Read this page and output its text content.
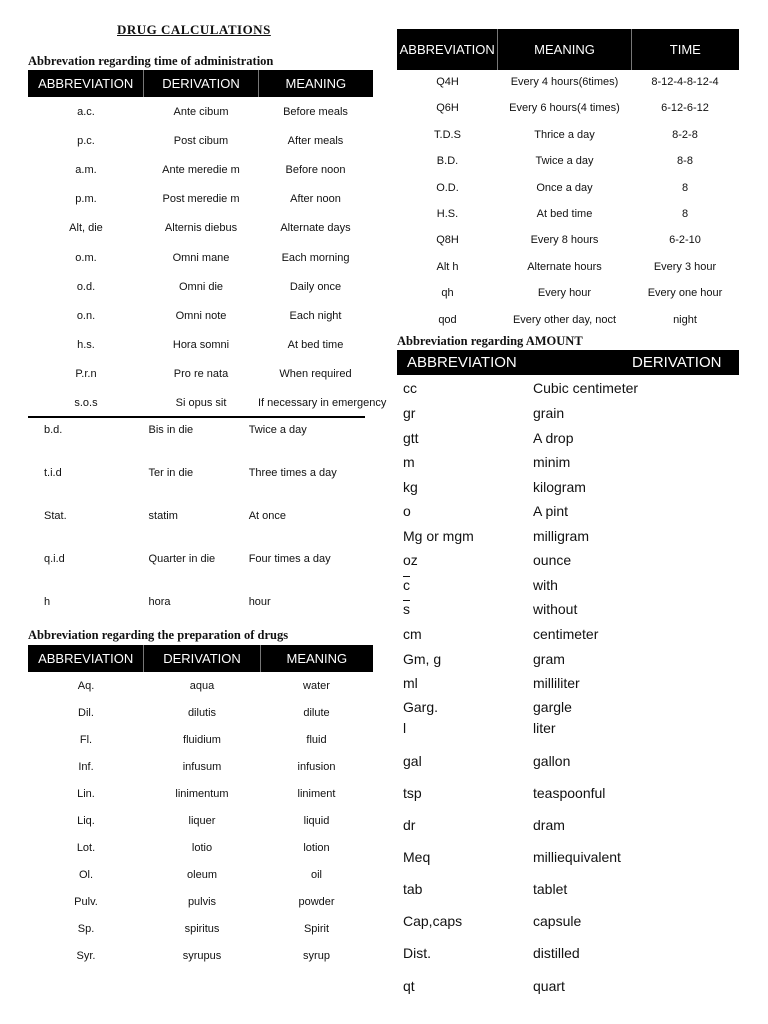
DRUG CALCULATIONS
Abbrevation regarding time of administration
ABBREVIATION	DERIVATION	MEANING
a.c.	Ante cibum	Before meals
p.c.	Post cibum	After meals
a.m.	Ante meredie m	Before noon
p.m.	Post meredie m	After noon
Alt, die	Alternis diebus	Alternate days
o.m.	Omni mane	Each morning
o.d.	Omni die	Daily once
o.n.	Omni note	Each night
h.s.	Hora somni	At bed time
P.r.n	Pro re nata	When required
s.o.s	Si opus sit	If necessary in emergency
b.d.	Bis in die	Twice a day
t.i.d	Ter in die	Three times a day
Stat.	statim	At once
q.i.d	Quarter in die	Four times a day
h	hora	hour
Abbreviation regarding the preparation of drugs
ABBREVIATION	DERIVATION	MEANING
Aq.	aqua	water
Dil.	dilutis	dilute
Fl.	fluidium	fluid
Inf.	infusum	infusion
Lin.	linimentum	liniment
Liq.	liquer	liquid
Lot.	lotio	lotion
Ol.	oleum	oil
Pulv.	pulvis	powder
Sp.	spiritus	Spirit
Syr.	syrupus	syrup
ABBREVIATION	MEANING	TIME
Q4H	Every 4 hours(6times)	8-12-4-8-12-4
Q6H	Every 6 hours(4 times)	6-12-6-12
T.D.S	Thrice a day	8-2-8
B.D.	Twice a day	8-8
O.D.	Once a day	8
H.S.	At bed time	8
Q8H	Every 8 hours	6-2-10
Alt h	Alternate hours	Every 3 hour
qh	Every hour	Every one hour
qod	Every other day, noct	night
Abbreviation regarding AMOUNT
ABBREVIATION	DERIVATION
cc	Cubic centimeter
gr	grain
gtt	A drop
m	minim
kg	kilogram
o	A pint
Mg or mgm	milligram
oz	ounce
$\overline{c}$	with
$\overline{s}$	without
cm	centimeter
Gm, g	gram
ml	milliliter
Garg.	gargle
l	liter
gal	gallon
tsp	teaspoonful
dr	dram
Meq	milliequivalent
tab	tablet
Cap,caps	capsule
Dist.	distilled
qt	quart
